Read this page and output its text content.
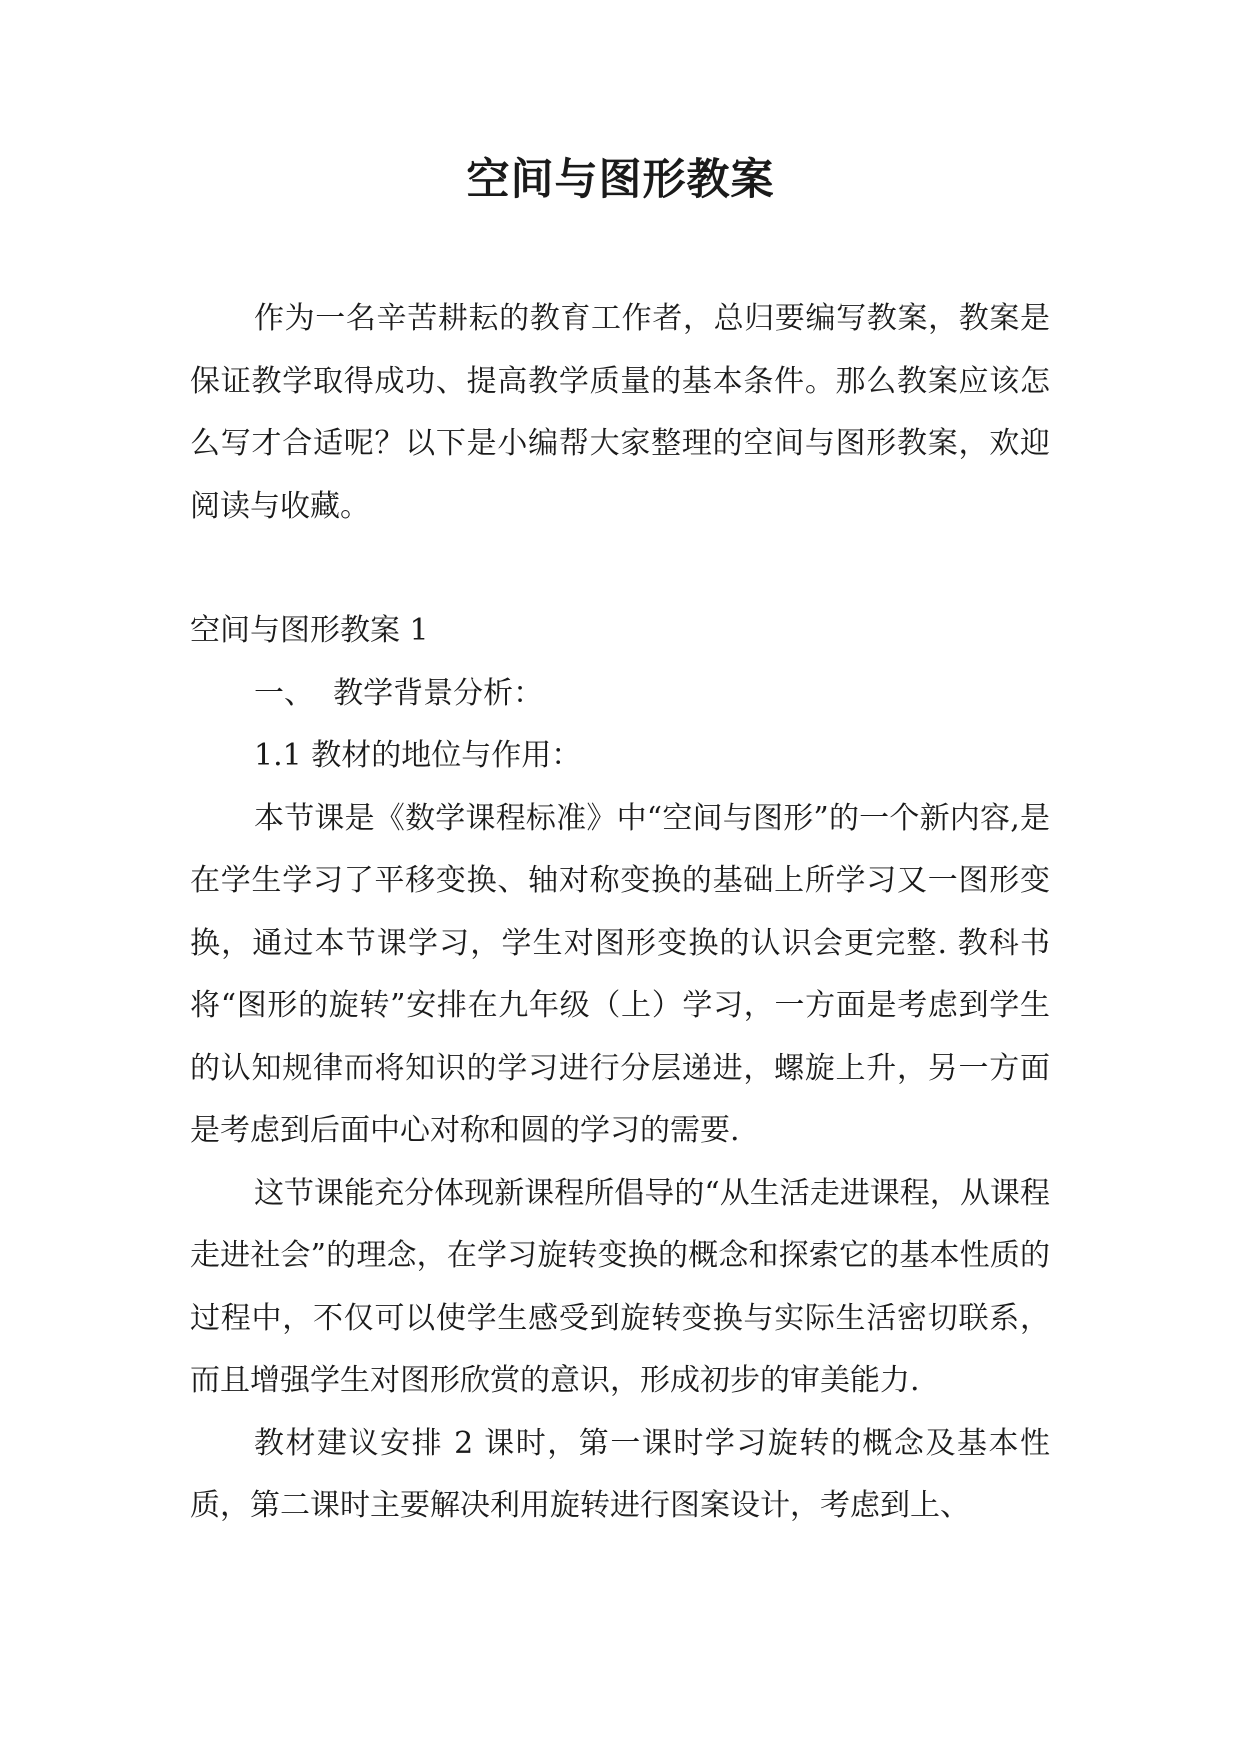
空间与图形教案

作为一名辛苦耕耘的教育工作者，总归要编写教案，教案是保证教学取得成功、提高教学质量的基本条件。那么教案应该怎么写才合适呢？以下是小编帮大家整理的空间与图形教案，欢迎阅读与收藏。

空间与图形教案 1

一、  教学背景分析：

1.1 教材的地位与作用：

本节课是《数学课程标准》中“空间与图形”的一个新内容,是在学生学习了平移变换、轴对称变换的基础上所学习又一图形变换，通过本节课学习，学生对图形变换的认识会更完整. 教科书将“图形的旋转”安排在九年级（上）学习，一方面是考虑到学生的认知规律而将知识的学习进行分层递进，螺旋上升，另一方面是考虑到后面中心对称和圆的学习的需要.

这节课能充分体现新课程所倡导的“从生活走进课程，从课程走进社会”的理念，在学习旋转变换的概念和探索它的基本性质的过程中，不仅可以使学生感受到旋转变换与实际生活密切联系，而且增强学生对图形欣赏的意识，形成初步的审美能力.

教材建议安排 2 课时，第一课时学习旋转的概念及基本性质，第二课时主要解决利用旋转进行图案设计，考虑到上、
